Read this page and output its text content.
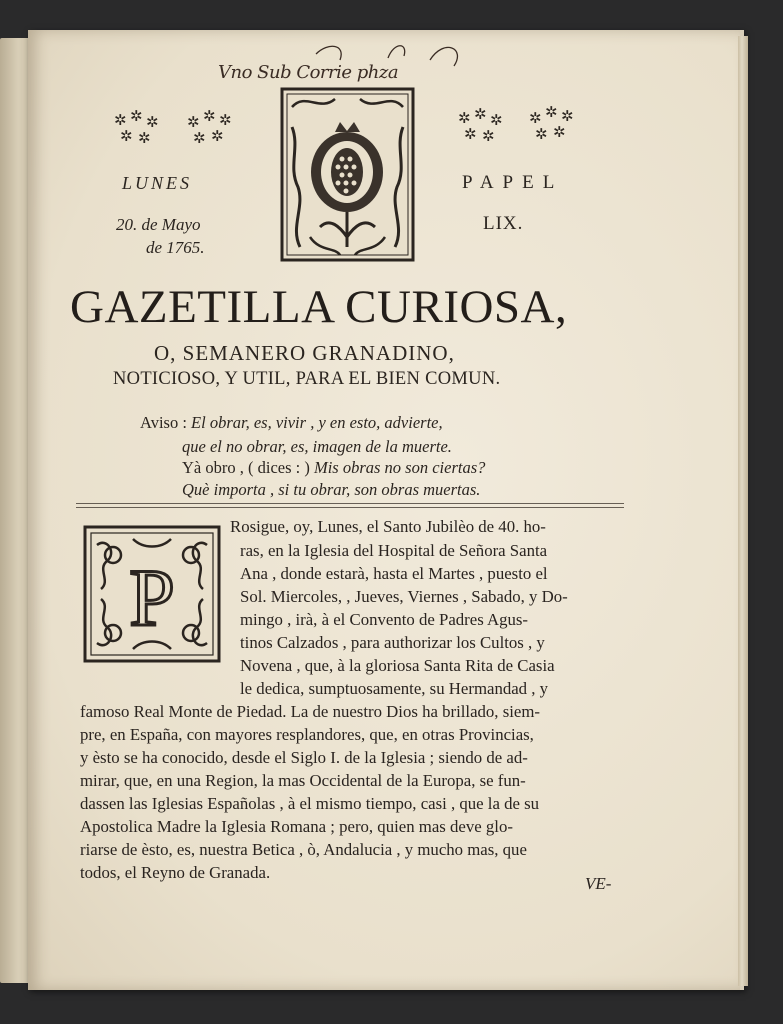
Vno Sub Corrie phza
✲ ✲ ✲
✲ ✲
✲ ✲ ✲
✲ ✲
✲ ✲ ✲
✲ ✲
✲ ✲ ✲
✲ ✲
LUNES
20. de Mayo
de 1765.
PAPEL
LIX.
GAZETILLA CURIOSA,
O, SEMANERO GRANADINO,
NOTICIOSO, Y UTIL, PARA EL BIEN COMUN.
Aviso : El obrar, es, vivir , y en esto, advierte,
que el no obrar, es, imagen de la muerte.
Yà obro , ( dices : ) Mis obras no son ciertas?
Què importa , si tu obrar, son obras muertas.
P
Rosigue, oy, Lunes, el Santo Jubilèo de 40. ho-
ras, en la Iglesia del Hospital de Señora Santa
Ana , donde estarà, hasta el Martes , puesto el
Sol. Miercoles, , Jueves, Viernes , Sabado, y Do-
mingo , irà, à el Convento de Padres Agus-
tinos Calzados , para authorizar los Cultos , y
Novena , que, à la gloriosa Santa Rita de Casia
le dedica, sumptuosamente, su Hermandad , y
famoso Real Monte de Piedad. La de nuestro Dios ha brillado, siem-
pre, en España, con mayores resplandores, que, en otras Provincias,
y èsto se ha conocido, desde el Siglo I. de la Iglesia ; siendo de ad-
mirar, que, en una Region, la mas Occidental de la Europa, se fun-
dassen las Iglesias Españolas , à el mismo tiempo, casi , que la de su
Apostolica Madre la Iglesia Romana ; pero, quien mas deve glo-
riarse de èsto, es, nuestra Betica , ò, Andalucia , y mucho mas, que
todos, el Reyno de Granada.
VE-
